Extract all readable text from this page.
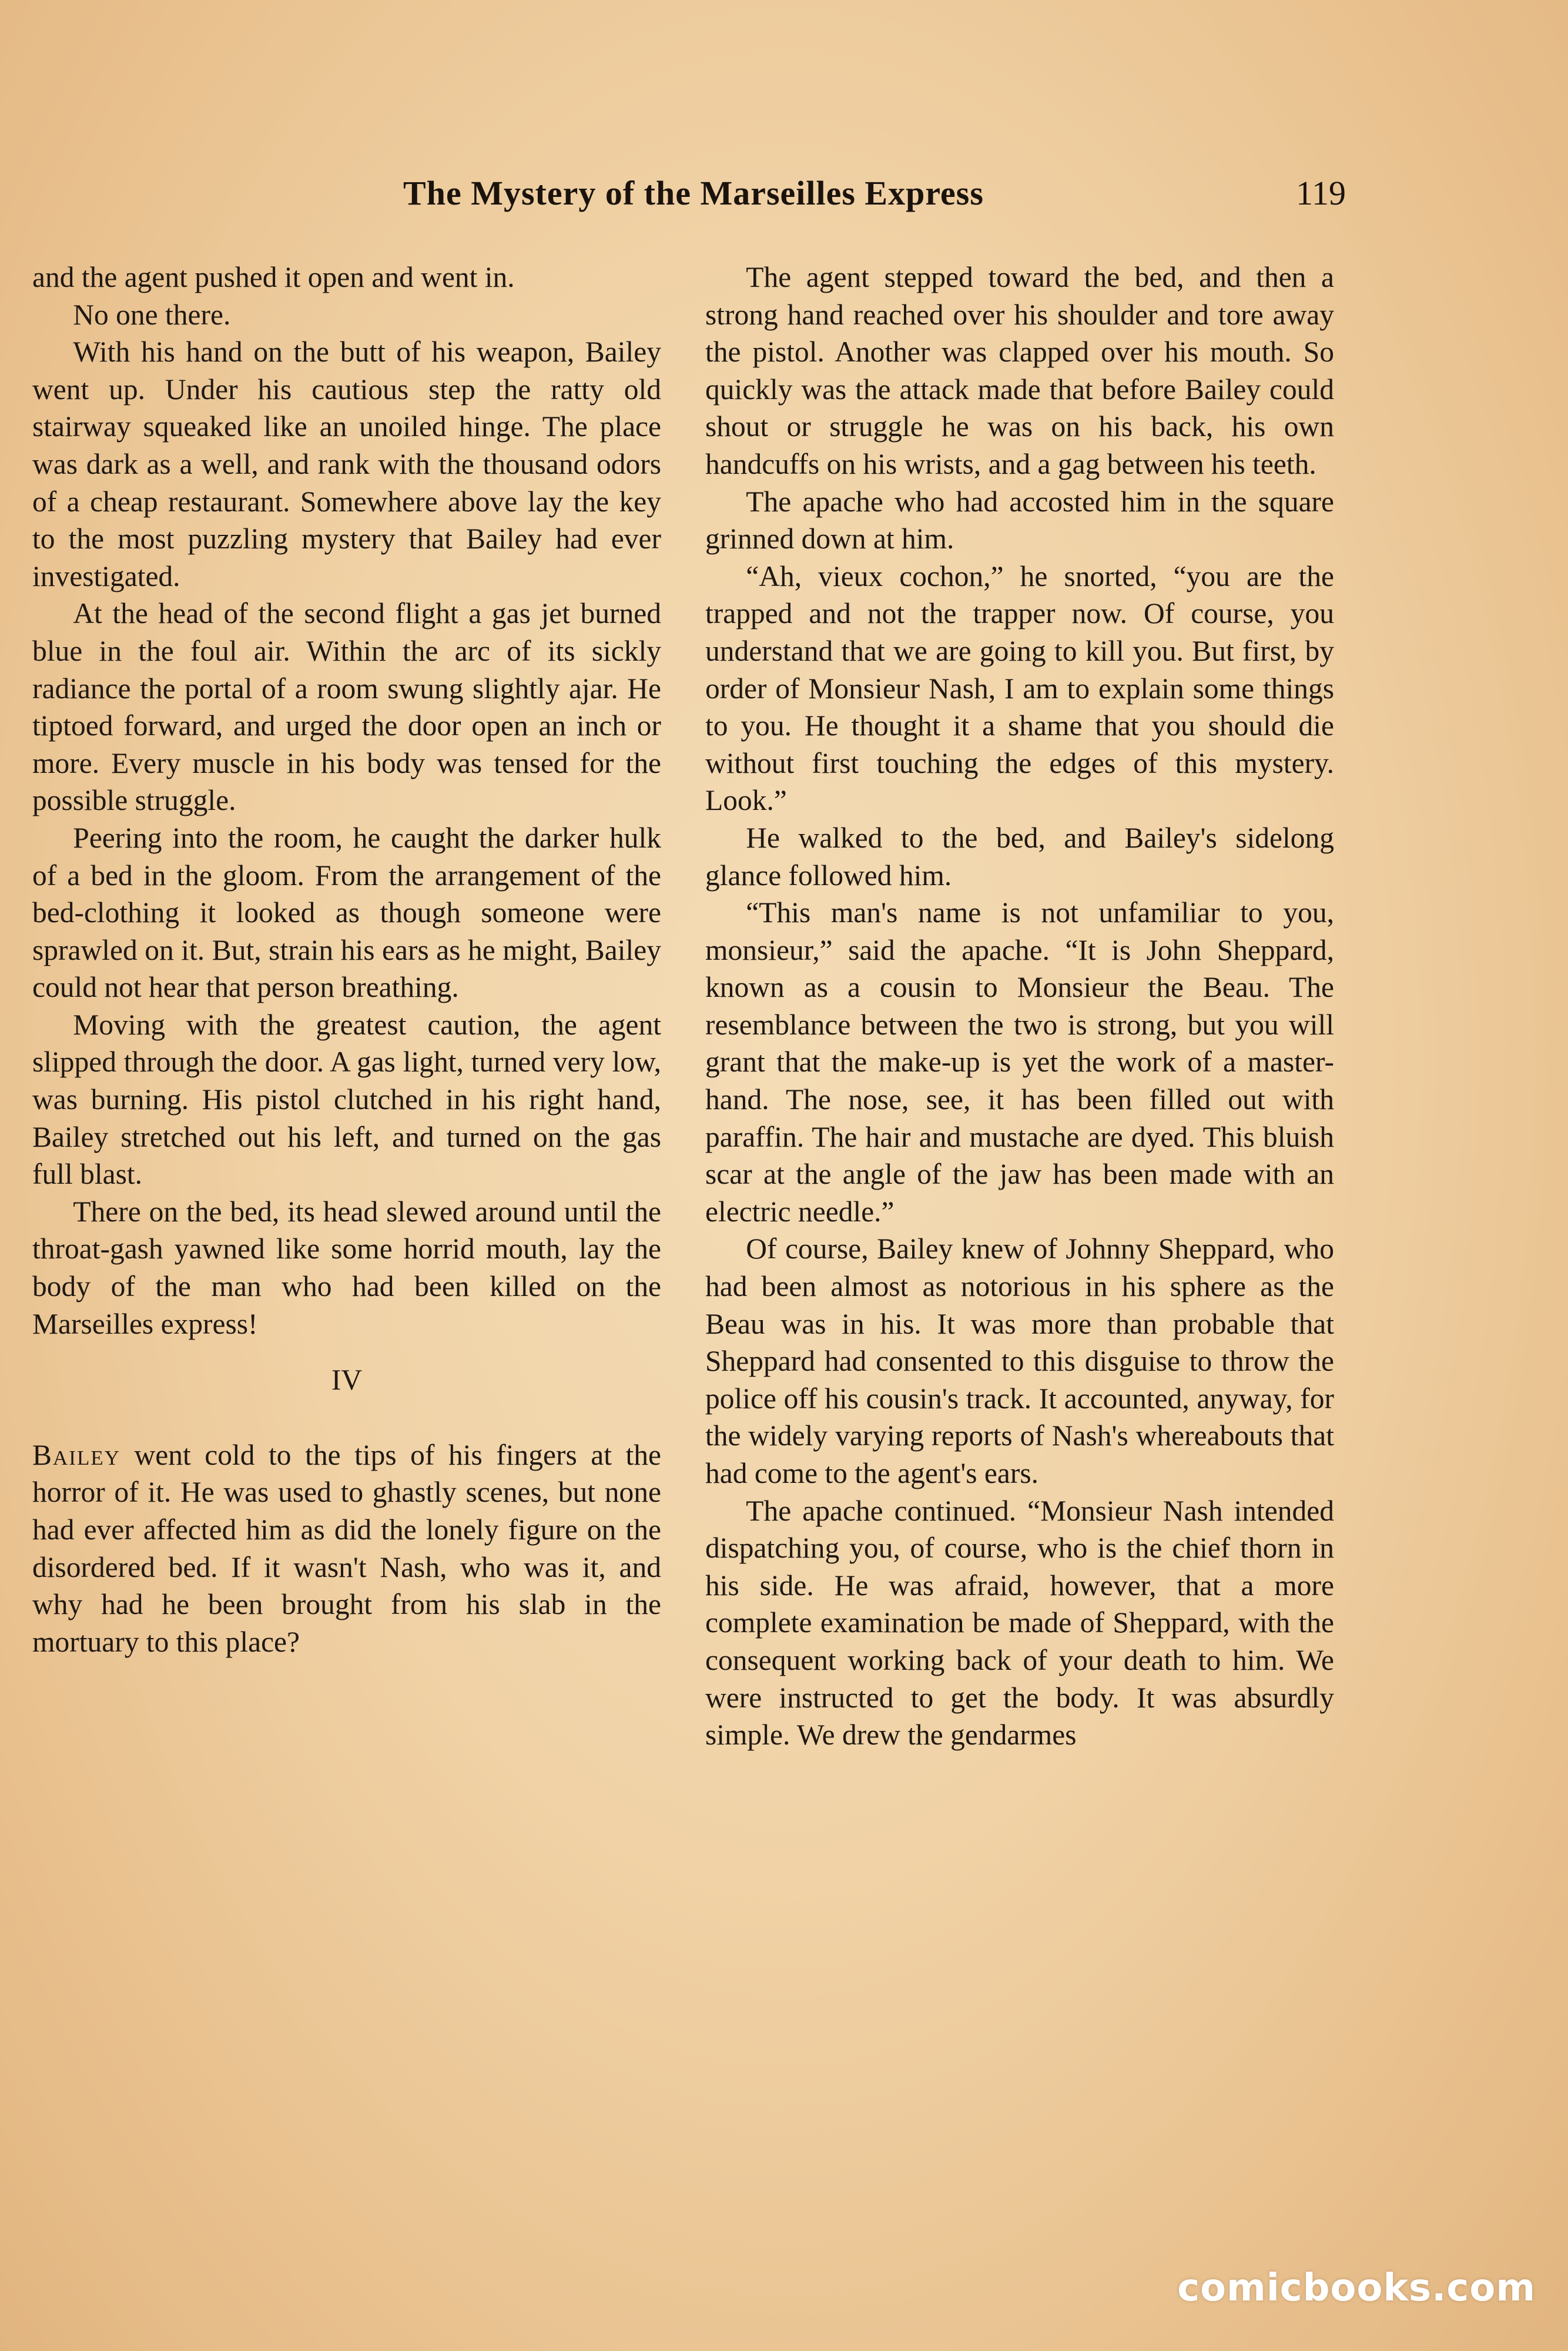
The Mystery of the Marseilles Express	119

and the agent pushed it open and went in.

No one there.

With his hand on the butt of his weapon, Bailey went up. Under his cautious step the ratty old stairway squeaked like an unoiled hinge. The place was dark as a well, and rank with the thousand odors of a cheap restaurant. Somewhere above lay the key to the most puzzling mystery that Bailey had ever investigated.

At the head of the second flight a gas jet burned blue in the foul air. Within the arc of its sickly radiance the portal of a room swung slightly ajar. He tiptoed forward, and urged the door open an inch or more. Every muscle in his body was tensed for the possible struggle.

Peering into the room, he caught the darker hulk of a bed in the gloom. From the arrangement of the bed-clothing it looked as though someone were sprawled on it. But, strain his ears as he might, Bailey could not hear that person breathing.

Moving with the greatest caution, the agent slipped through the door. A gas light, turned very low, was burning. His pistol clutched in his right hand, Bailey stretched out his left, and turned on the gas full blast.

There on the bed, its head slewed around until the throat-gash yawned like some horrid mouth, lay the body of the man who had been killed on the Marseilles express!

IV

Bailey went cold to the tips of his fingers at the horror of it. He was used to ghastly scenes, but none had ever affected him as did the lonely figure on the disordered bed. If it wasn't Nash, who was it, and why had he been brought from his slab in the mortuary to this place?

The agent stepped toward the bed, and then a strong hand reached over his shoulder and tore away the pistol. Another was clapped over his mouth. So quickly was the attack made that before Bailey could shout or struggle he was on his back, his own handcuffs on his wrists, and a gag between his teeth.

The apache who had accosted him in the square grinned down at him.

“Ah, vieux cochon,” he snorted, “you are the trapped and not the trapper now. Of course, you understand that we are going to kill you. But first, by order of Monsieur Nash, I am to explain some things to you. He thought it a shame that you should die without first touching the edges of this mystery. Look.”

He walked to the bed, and Bailey's sidelong glance followed him.

“This man's name is not unfamiliar to you, monsieur,” said the apache. “It is John Sheppard, known as a cousin to Monsieur the Beau. The resemblance between the two is strong, but you will grant that the make-up is yet the work of a master-hand. The nose, see, it has been filled out with paraffin. The hair and mustache are dyed. This bluish scar at the angle of the jaw has been made with an electric needle.”

Of course, Bailey knew of Johnny Sheppard, who had been almost as notorious in his sphere as the Beau was in his. It was more than probable that Sheppard had consented to this disguise to throw the police off his cousin's track. It accounted, anyway, for the widely varying reports of Nash's whereabouts that had come to the agent's ears.

The apache continued. “Monsieur Nash intended dispatching you, of course, who is the chief thorn in his side. He was afraid, however, that a more complete examination be made of Sheppard, with the consequent working back of your death to him. We were instructed to get the body. It was absurdly simple. We drew the gendarmes

comicbooks.com
